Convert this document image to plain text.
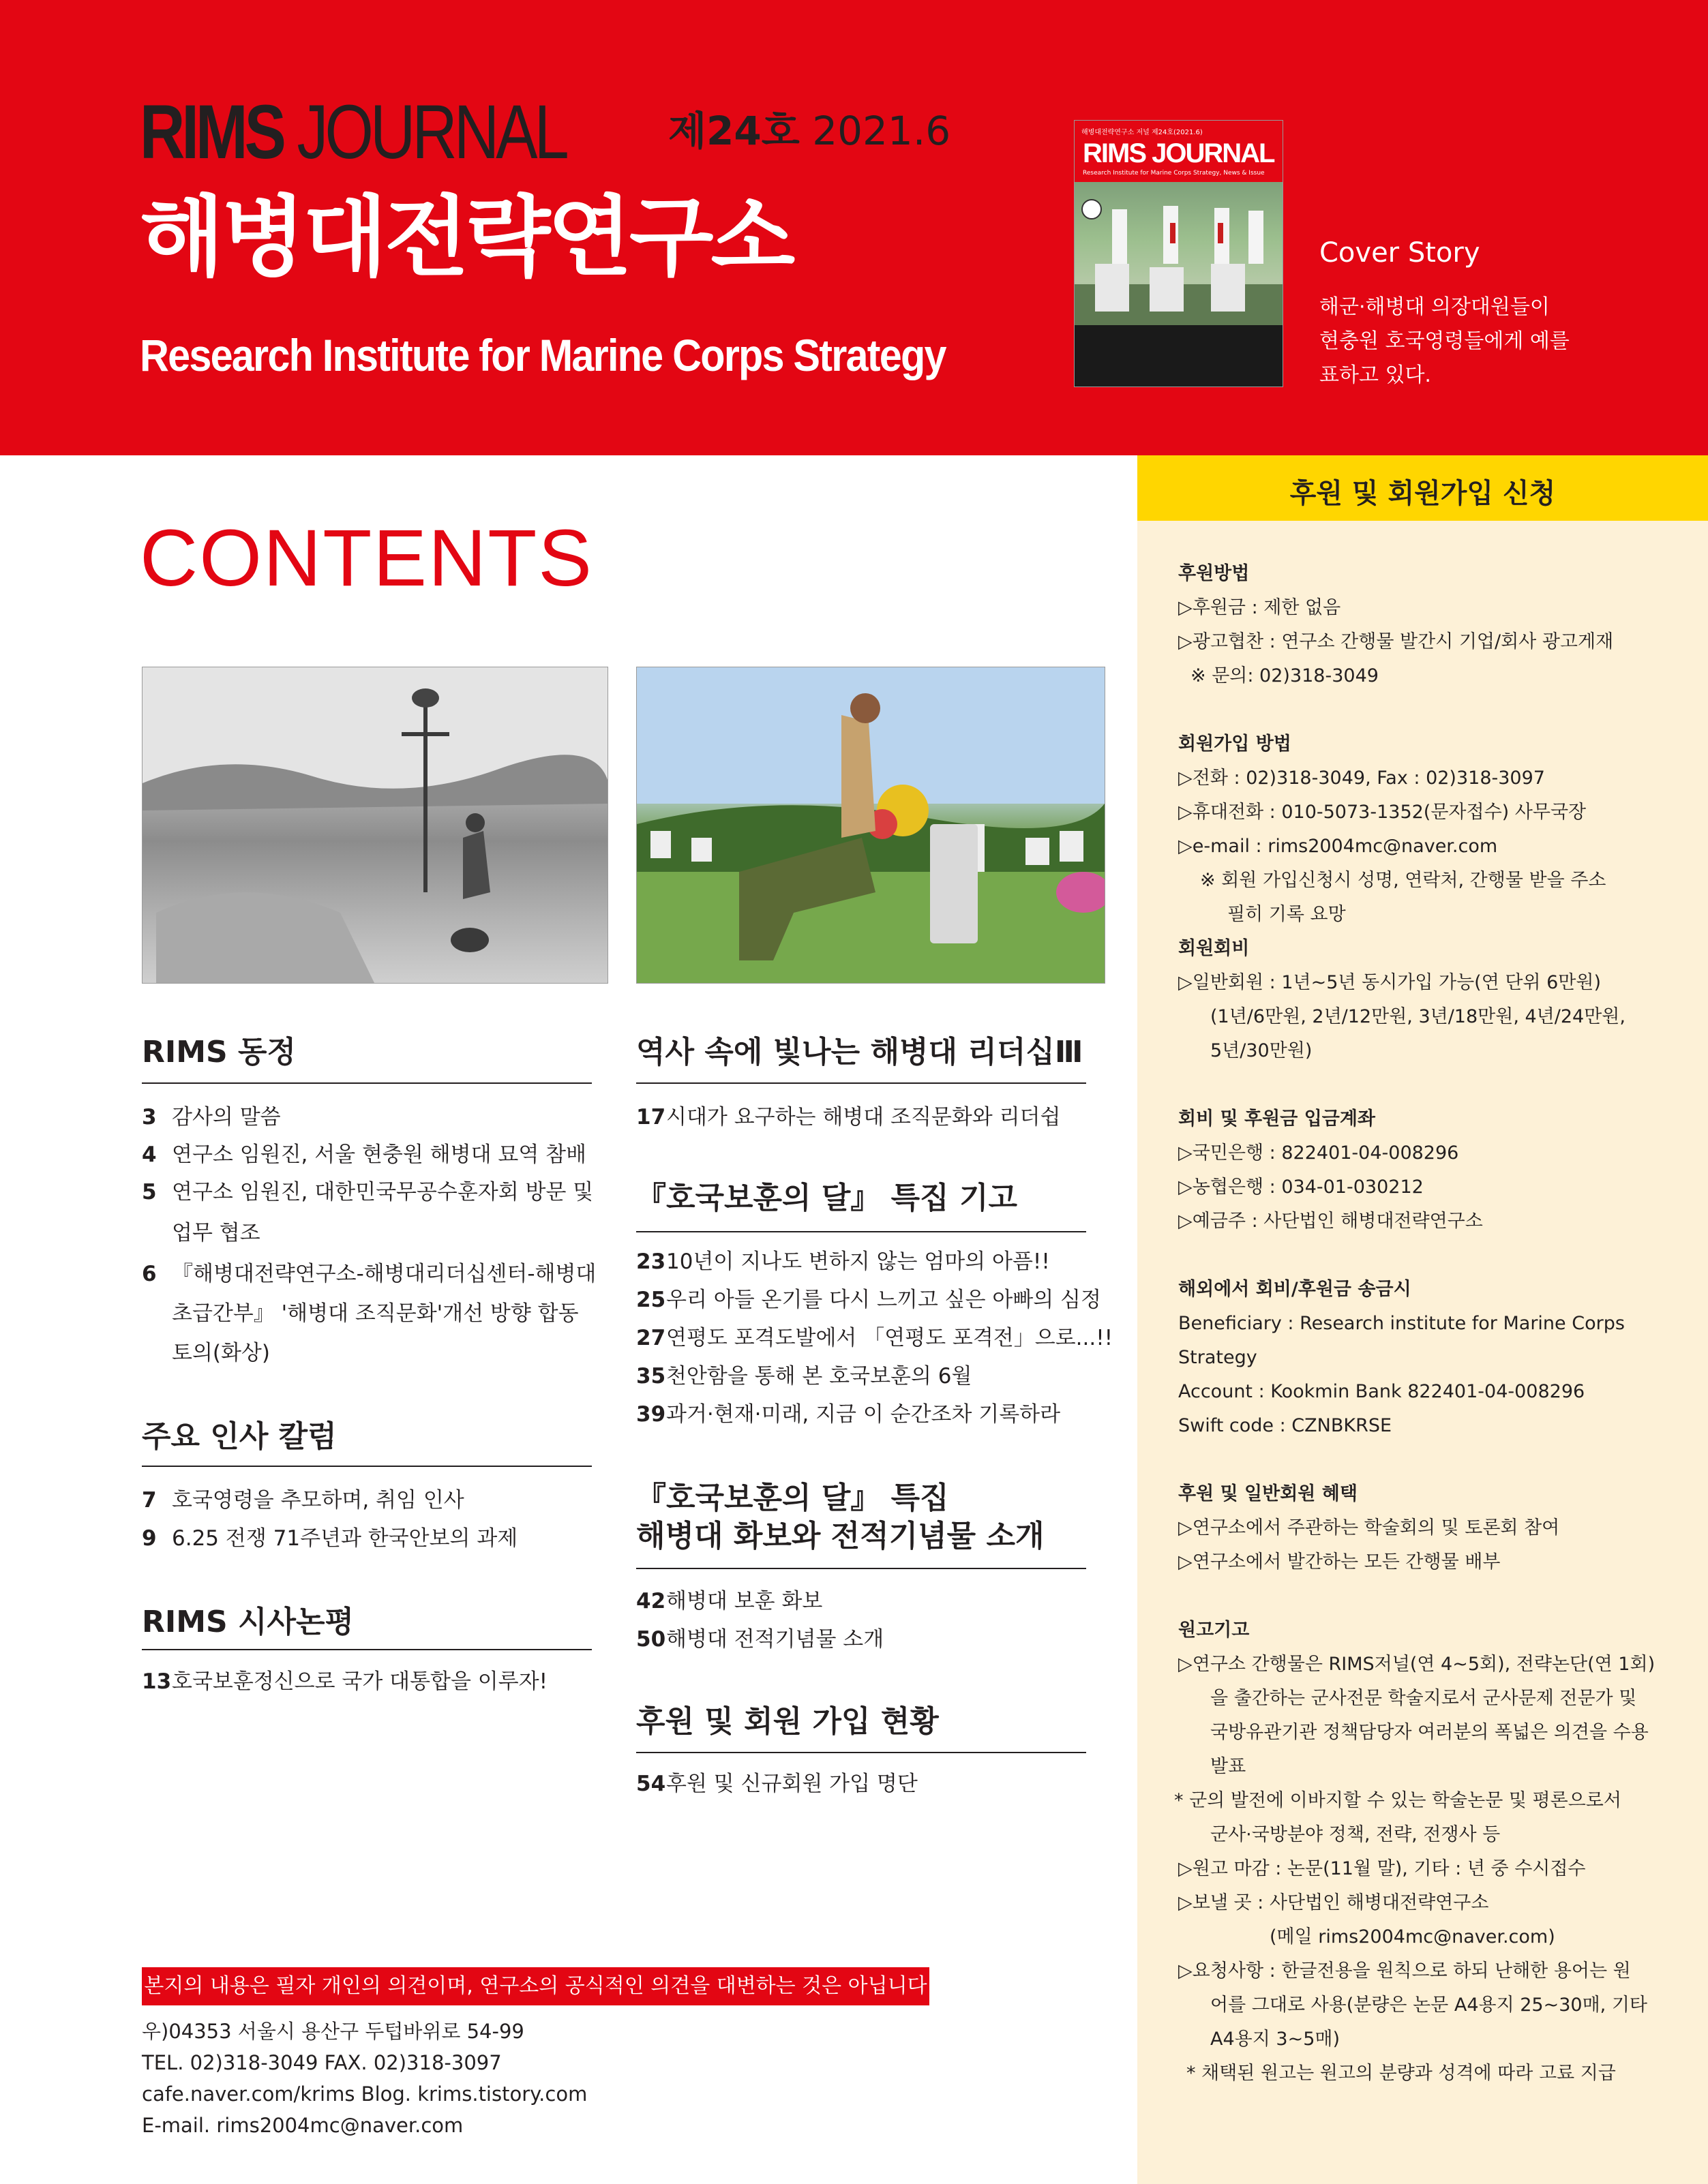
RIMS JOURNAL	제24호 2021.6
해병대전략연구소
Research Institute for Marine Corps Strategy
해병대전략연구소 저널 제24호(2021.6)
RIMS JOURNAL
Research Institute for Marine Corps Strategy, News & Issue
Cover Story
해군·해병대 의장대원들이
현충원 호국영령들에게 예를
표하고 있다.
후원 및 회원가입 신청
후원방법
▷후원금 : 제한 없음
▷광고협찬 : 연구소 간행물 발간시 기업/회사 광고게재
※ 문의: 02)318-3049
회원가입 방법
▷전화 : 02)318-3049, Fax : 02)318-3097
▷휴대전화 : 010-5073-1352(문자접수) 사무국장
▷e-mail : rims2004mc@naver.com
※ 회원 가입신청시 성명, 연락처, 간행물 받을 주소
필히 기록 요망
회원회비
▷일반회원 : 1년~5년 동시가입 가능(연 단위 6만원)
(1년/6만원, 2년/12만원, 3년/18만원, 4년/24만원,
5년/30만원)
회비 및 후원금 입금계좌
▷국민은행 : 822401-04-008296
▷농협은행 : 034-01-030212
▷예금주 : 사단법인 해병대전략연구소
해외에서 회비/후원금 송금시
Beneficiary : Research institute for Marine Corps
Strategy
Account : Kookmin Bank 822401-04-008296
Swift code : CZNBKRSE
후원 및 일반회원 혜택
▷연구소에서 주관하는 학술회의 및 토론회 참여
▷연구소에서 발간하는 모든 간행물 배부
원고기고
▷연구소 간행물은 RIMS저널(연 4~5회), 전략논단(연 1회)
을 출간하는 군사전문 학술지로서 군사문제 전문가 및
국방유관기관 정책담당자 여러분의 폭넓은 의견을 수용
발표
* 군의 발전에 이바지할 수 있는 학술논문 및 평론으로서
군사·국방분야 정책, 전략, 전쟁사 등
▷원고 마감 : 논문(11월 말), 기타 : 년 중 수시접수
▷보낼 곳 : 사단법인 해병대전략연구소
(메일 rims2004mc@naver.com)
▷요청사항 : 한글전용을 원칙으로 하되 난해한 용어는 원
어를 그대로 사용(분량은 논문 A4용지 25~30매, 기타
A4용지 3~5매)
* 채택된 원고는 원고의 분량과 성격에 따라 고료 지급
CONTENTS
RIMS 동정
3 감사의 말씀
4 연구소 임원진, 서울 현충원 해병대 묘역 참배
5 연구소 임원진, 대한민국무공수훈자회 방문 및
업무 협조
6 『해병대전략연구소-해병대리더십센터-해병대
초급간부』 '해병대 조직문화'개선 방향 합동
토의(화상)
주요 인사 칼럼
7 호국영령을 추모하며, 취임 인사
9 6.25 전쟁 71주년과 한국안보의 과제
RIMS 시사논평
13호국보훈정신으로 국가 대통합을 이루자!
역사 속에 빛나는 해병대 리더십Ⅲ
17시대가 요구하는 해병대 조직문화와 리더쉽
『호국보훈의 달』 특집 기고
2310년이 지나도 변하지 않는 엄마의 아픔!!
25우리 아들 온기를 다시 느끼고 싶은 아빠의 심정
27연평도 포격도발에서 「연평도 포격전」으로...!!
35천안함을 통해 본 호국보훈의 6월
39과거·현재·미래, 지금 이 순간조차 기록하라
『호국보훈의 달』 특집
해병대 화보와 전적기념물 소개
42해병대 보훈 화보
50해병대 전적기념물 소개
후원 및 회원 가입 현황
54후원 및 신규회원 가입 명단
본지의 내용은 필자 개인의 의견이며, 연구소의 공식적인 의견을 대변하는 것은 아닙니다
우)04353 서울시 용산구 두텁바위로 54-99
TEL. 02)318-3049 FAX. 02)318-3097
cafe.naver.com/krims Blog. krims.tistory.com
E-mail. rims2004mc@naver.com
